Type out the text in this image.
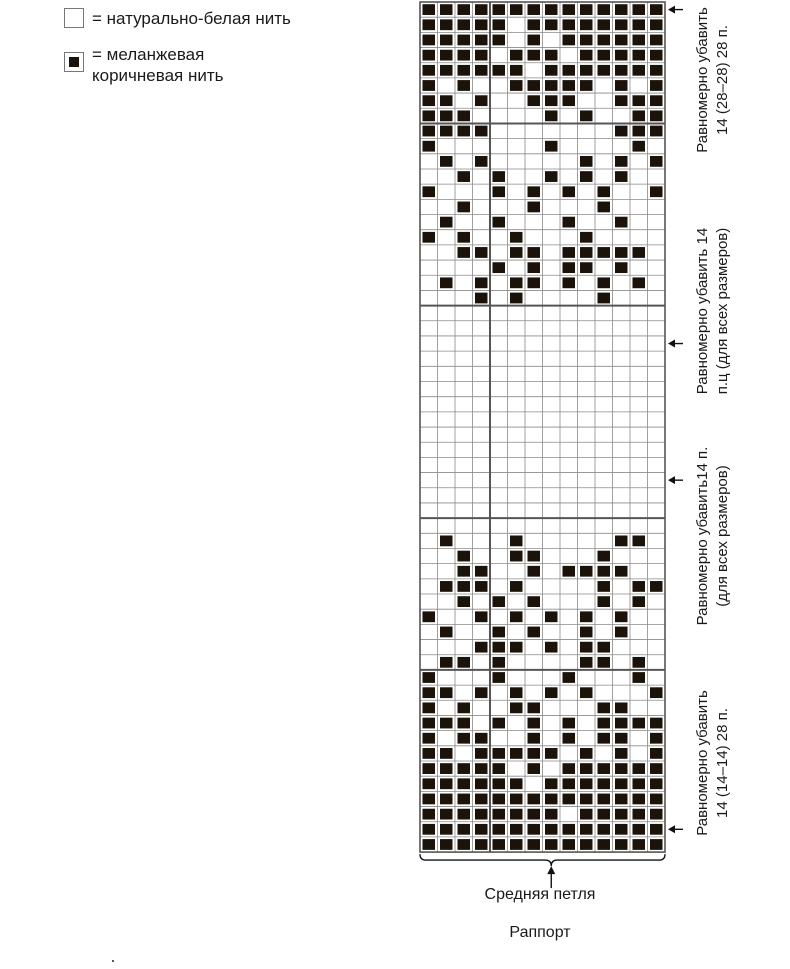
= натурально-белая нить
= меланжевая
коричневая нить
Средняя петля
Раппорт
Равномерно убавить 14 (28–28) 28 п.
Равномерно убавить 14 п.ц (для всех размеров)
Равномерно убавить14 п. (для всех размеров)
Равномерно убавить 14 (14–14) 28 п.
